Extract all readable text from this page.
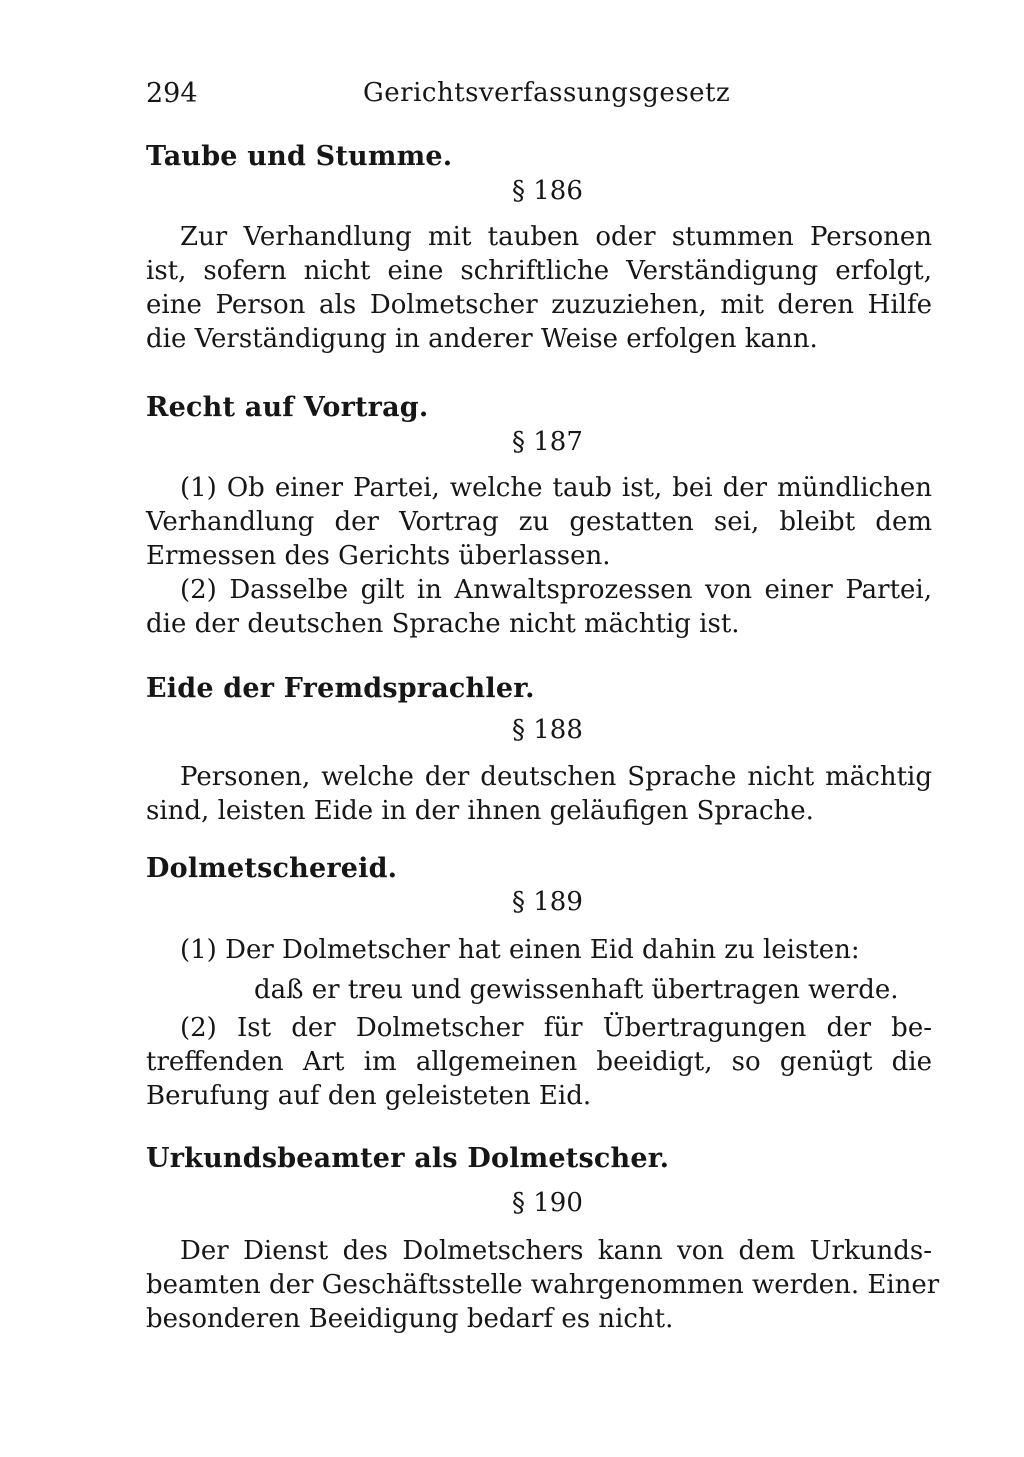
294	Gerichtsverfassungsgesetz
Taube und Stumme.
§ 186
Zur Verhandlung mit tauben oder stummen Personen
ist, sofern nicht eine schriftliche Verständigung erfolgt,
eine Person als Dolmetscher zuzuziehen, mit deren Hilfe
die Verständigung in anderer Weise erfolgen kann.
Recht auf Vortrag.
§ 187
(1) Ob einer Partei, welche taub ist, bei der mündlichen
Verhandlung der Vortrag zu gestatten sei, bleibt dem
Ermessen des Gerichts überlassen.
(2) Dasselbe gilt in Anwaltsprozessen von einer Partei,
die der deutschen Sprache nicht mächtig ist.
Eide der Fremdsprachler.
§ 188
Personen, welche der deutschen Sprache nicht mächtig
sind, leisten Eide in der ihnen geläufigen Sprache.
Dolmetschereid.
§ 189
(1) Der Dolmetscher hat einen Eid dahin zu leisten:
daß er treu und gewissenhaft übertragen werde.
(2) Ist der Dolmetscher für Übertragungen der be-
treffenden Art im allgemeinen beeidigt, so genügt die
Berufung auf den geleisteten Eid.
Urkundsbeamter als Dolmetscher.
§ 190
Der Dienst des Dolmetschers kann von dem Urkunds-
beamten der Geschäftsstelle wahrgenommen werden. Einer
besonderen Beeidigung bedarf es nicht.
